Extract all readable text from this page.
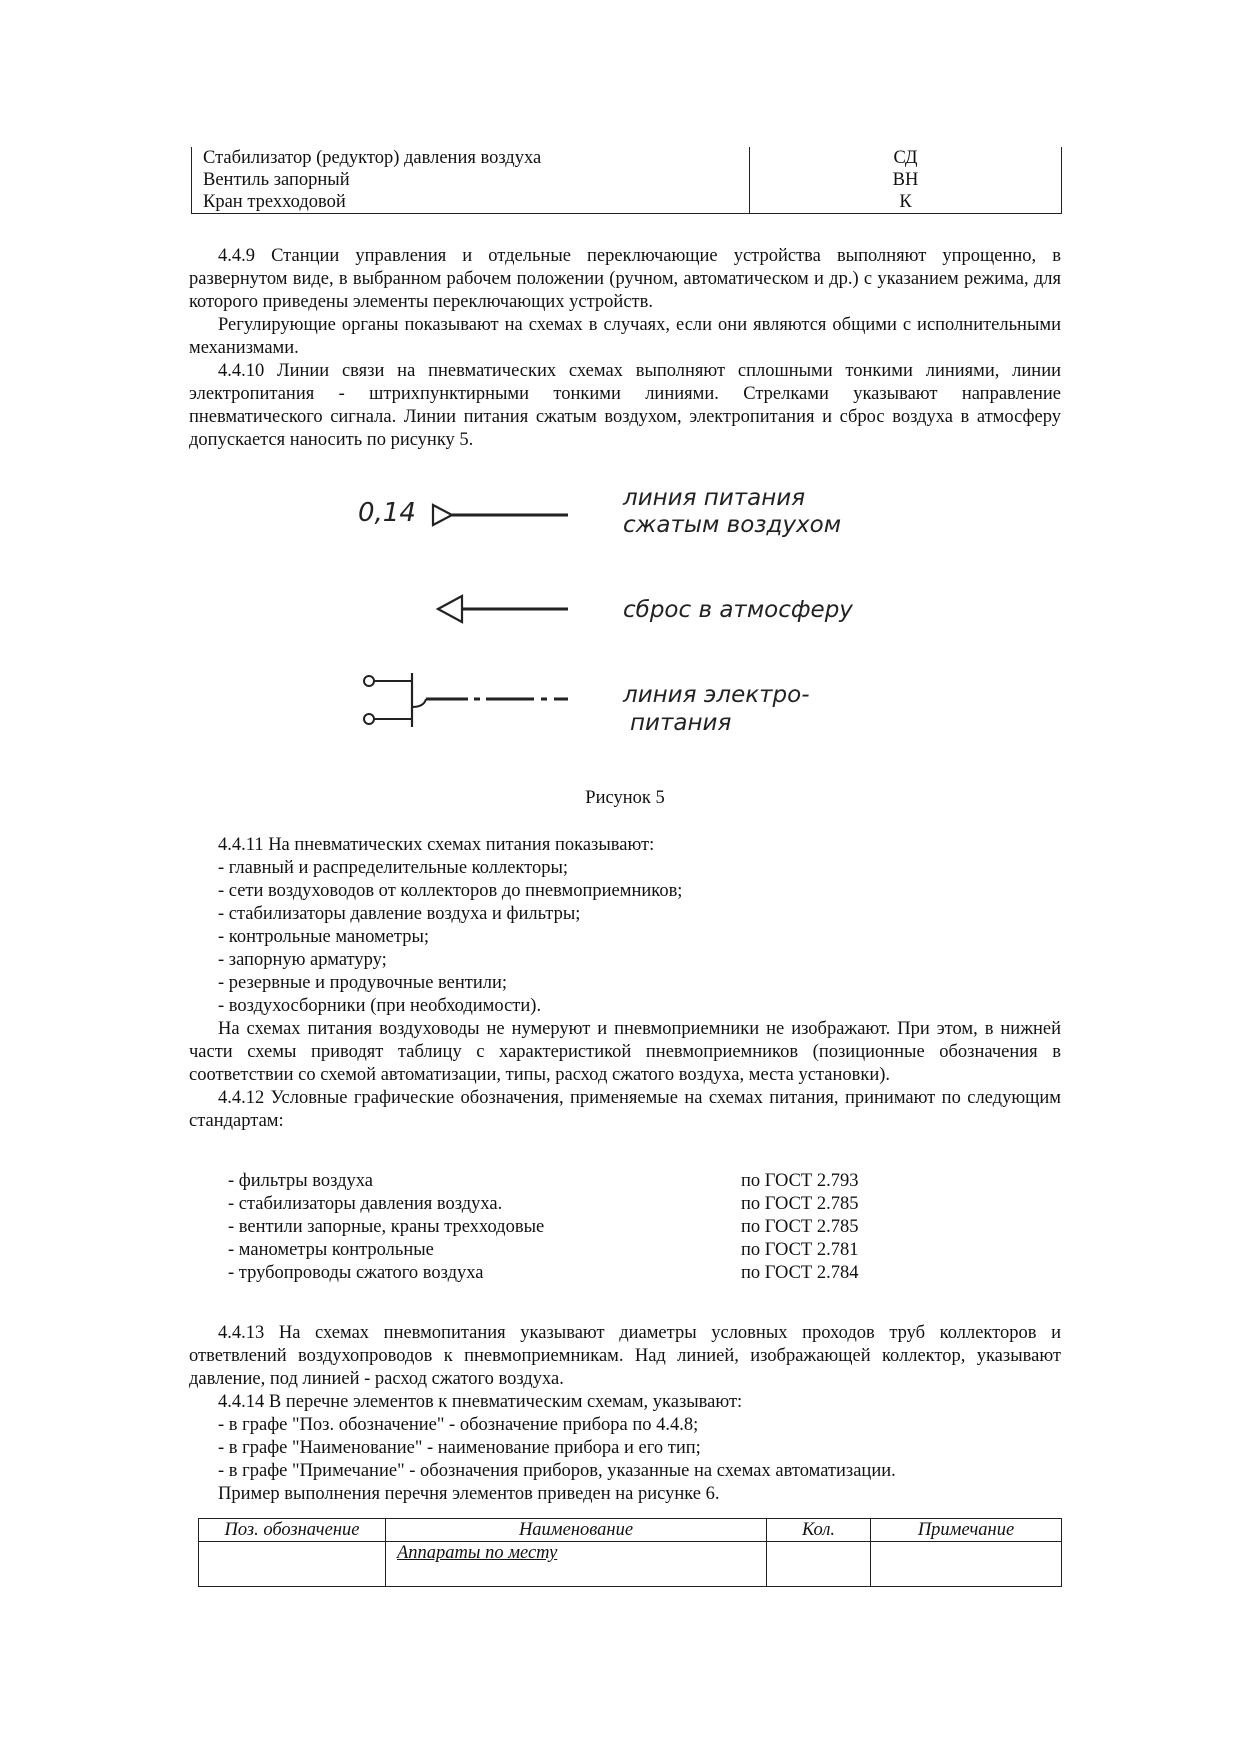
Стабилизатор (редуктор) давления воздуха	СД
Вентиль запорный	ВН
Кран трехходовой	К

4.4.9 Станции управления и отдельные переключающие устройства выполняют упрощенно, в развернутом виде, в выбранном рабочем положении (ручном, автоматическом и др.) с указанием режима, для которого приведены элементы переключающих устройств.

Регулирующие органы показывают на схемах в случаях, если они являются общими с исполнительными механизмами.

4.4.10 Линии связи на пневматических схемах выполняют сплошными тонкими линиями, линии электропитания - штрихпунктирными тонкими линиями. Стрелками указывают направление пневматического сигнала. Линии питания сжатым воздухом, электропитания и сброс воздуха в атмосферу допускается наносить по рисунку 5.

0,14	линия питания
сжатым воздухом
сброс в атмосферу
линия электро-
питания
Рисунок 5

4.4.11 На пневматических схемах питания показывают:

- главный и распределительные коллекторы;

- сети воздуховодов от коллекторов до пневмоприемников;

- стабилизаторы давление воздуха и фильтры;

- контрольные манометры;

- запорную арматуру;

- резервные и продувочные вентили;

- воздухосборники (при необходимости).

На схемах питания воздуховоды не нумеруют и пневмоприемники не изображают. При этом, в нижней части схемы приводят таблицу с характеристикой пневмоприемников (позиционные обозначения в соответствии со схемой автоматизации, типы, расход сжатого воздуха, места установки).

4.4.12 Условные графические обозначения, применяемые на схемах питания, принимают по следующим стандартам:

- фильтры воздуха	по ГОСТ 2.793
- стабилизаторы давления воздуха.	по ГОСТ 2.785
- вентили запорные, краны трехходовые	по ГОСТ 2.785
- манометры контрольные	по ГОСТ 2.781
- трубопроводы сжатого воздуха	по ГОСТ 2.784

4.4.13 На схемах пневмопитания указывают диаметры условных проходов труб коллекторов и ответвлений воздухопроводов к пневмоприемникам. Над линией, изображающей коллектор, указывают давление, под линией - расход сжатого воздуха.

4.4.14 В перечне элементов к пневматическим схемам, указывают:

- в графе "Поз. обозначение" - обозначение прибора по 4.4.8;

- в графе "Наименование" - наименование прибора и его тип;

- в графе "Примечание" - обозначения приборов, указанные на схемах автоматизации.

Пример выполнения перечня элементов приведен на рисунке 6.

Поз. обозначение	Наименование	Кол.	Примечание
	Аппараты по месту		
